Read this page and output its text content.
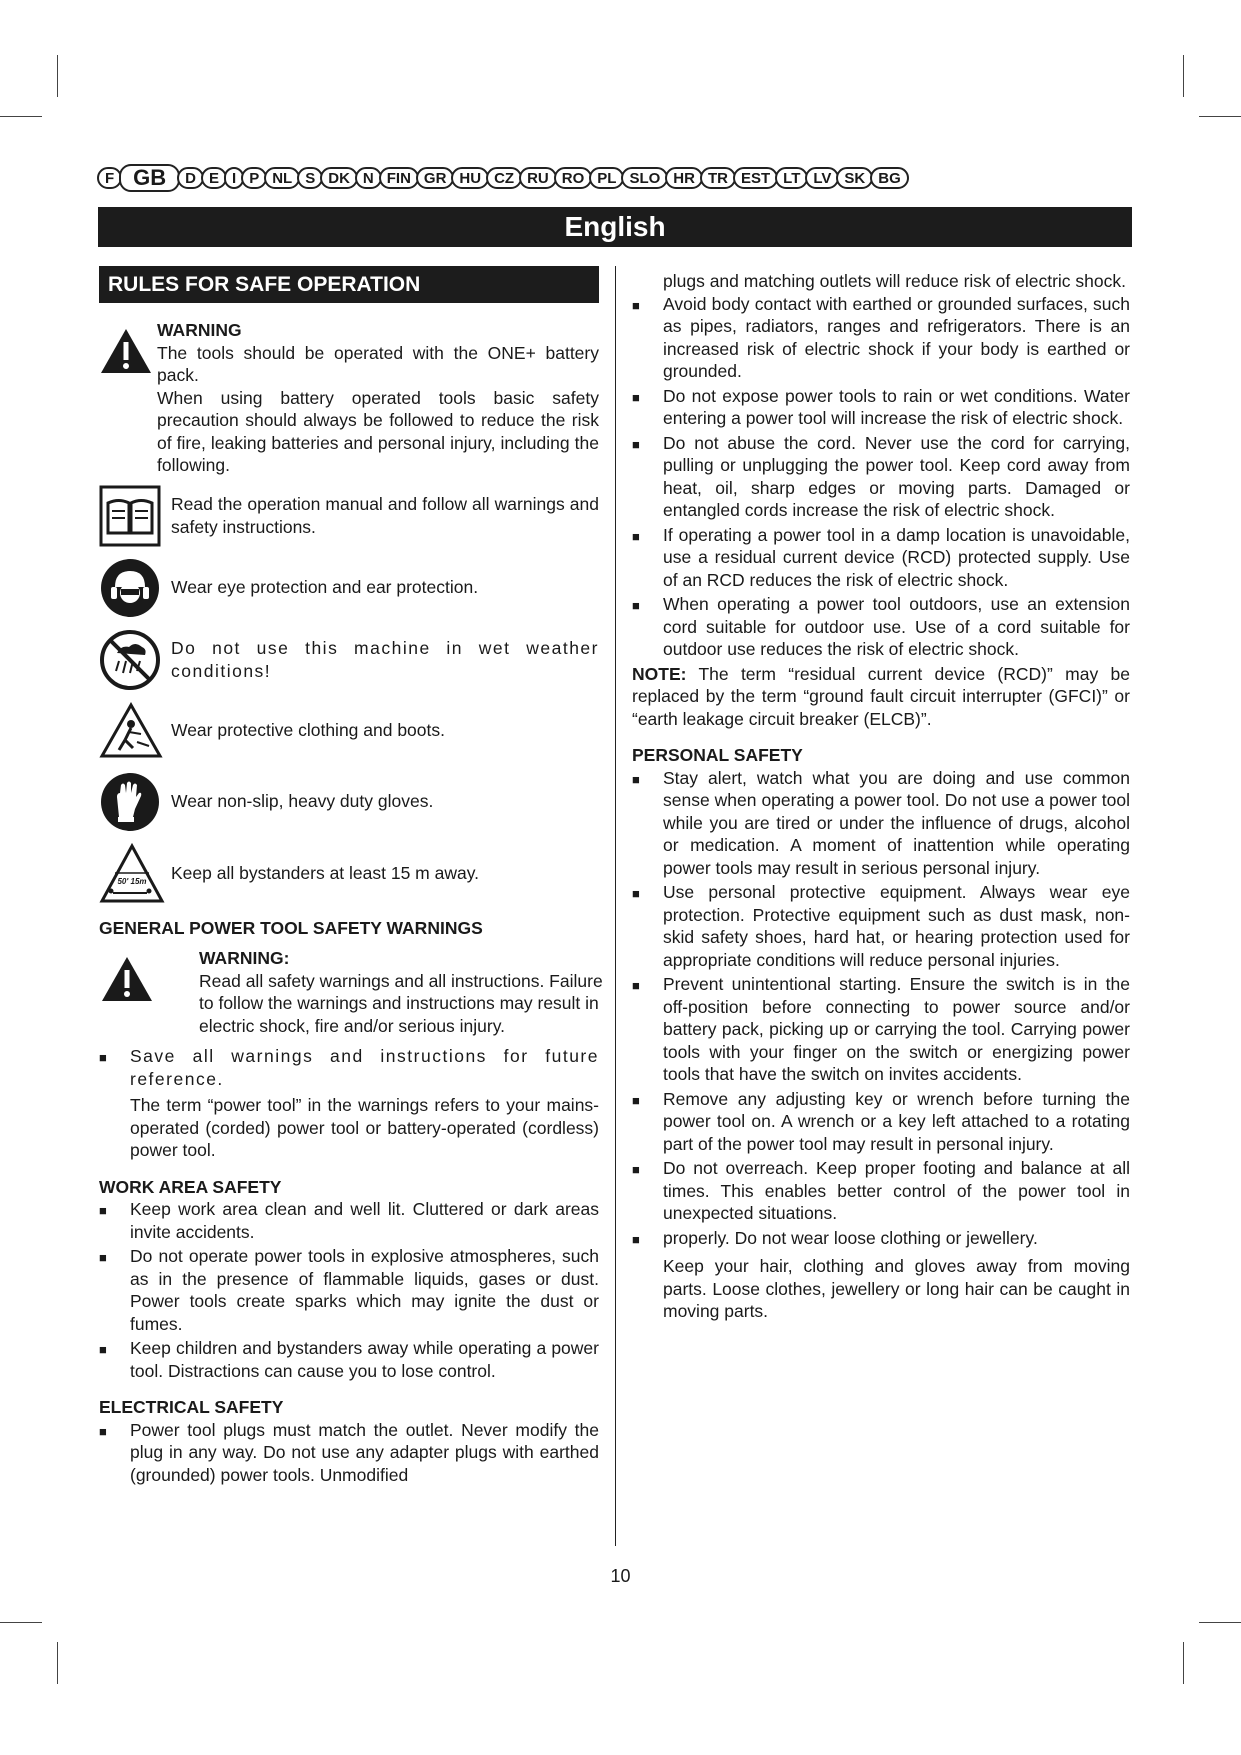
F GB	D E I P NL S DK N FIN GR HU CZ RU RO PL SLO HR TR EST LT LV SK BG
English
RULES FOR SAFE OPERATION

WARNING

The tools should be operated with the ONE+ battery pack.

When using battery operated tools basic safety precaution should always be followed to reduce the risk of fire, leaking batteries and personal injury, including the following.

Read the operation manual and follow all warnings and safety instructions.
Wear eye protection and ear protection.
Do not use this machine in wet weather conditions!
Wear protective clothing and boots.
Wear non-slip, heavy duty gloves.
50' 15m Keep all bystanders at least 15 m away.
GENERAL POWER TOOL SAFETY WARNINGS

WARNING:

Read all safety warnings and all instructions. Failure to follow the warnings and instructions may result in electric shock, fire and/or serious injury.

■	Save all warnings and instructions for future reference.

The term “power tool” in the warnings refers to your mains-operated (corded) power tool or battery-operated (cordless) power tool.

WORK AREA SAFETY
■	Keep work area clean and well lit. Cluttered or dark areas invite accidents.
■	Do not operate power tools in explosive atmospheres, such as in the presence of flammable liquids, gases or dust. Power tools create sparks which may ignite the dust or fumes.
■	Keep children and bystanders away while operating a power tool. Distractions can cause you to lose control.
ELECTRICAL SAFETY
■	Power tool plugs must match the outlet. Never modify the plug in any way. Do not use any adapter plugs with earthed (grounded) power tools. Unmodified

plugs and matching outlets will reduce risk of electric shock.

■	Avoid body contact with earthed or grounded surfaces, such as pipes, radiators, ranges and refrigerators. There is an increased risk of electric shock if your body is earthed or grounded.
■	Do not expose power tools to rain or wet conditions. Water entering a power tool will increase the risk of electric shock.
■	Do not abuse the cord. Never use the cord for carrying, pulling or unplugging the power tool. Keep cord away from heat, oil, sharp edges or moving parts. Damaged or entangled cords increase the risk of electric shock.
■	If operating a power tool in a damp location is unavoidable, use a residual current device (RCD) protected supply. Use of an RCD reduces the risk of electric shock.
■	When operating a power tool outdoors, use an extension cord suitable for outdoor use. Use of a cord suitable for outdoor use reduces the risk of electric shock.

NOTE: The term “residual current device (RCD)” may be replaced by the term “ground fault circuit interrupter (GFCI)” or “earth leakage circuit breaker (ELCB)”.

PERSONAL SAFETY
■	Stay alert, watch what you are doing and use common sense when operating a power tool. Do not use a power tool while you are tired or under the influence of drugs, alcohol or medication. A moment of inattention while operating power tools may result in serious personal injury.
■	Use personal protective equipment. Always wear eye protection. Protective equipment such as dust mask, non-skid safety shoes, hard hat, or hearing protection used for appropriate conditions will reduce personal injuries.
■	Prevent unintentional starting. Ensure the switch is in the off-position before connecting to power source and/or battery pack, picking up or carrying the tool. Carrying power tools with your finger on the switch or energizing power tools that have the switch on invites accidents.
■	Remove any adjusting key or wrench before turning the power tool on. A wrench or a key left attached to a rotating part of the power tool may result in personal injury.
■	Do not overreach. Keep proper footing and balance at all times. This enables better control of the power tool in unexpected situations.
■	properly. Do not wear loose clothing or jewellery.

Keep your hair, clothing and gloves away from moving parts. Loose clothes, jewellery or long hair can be caught in moving parts.

10
